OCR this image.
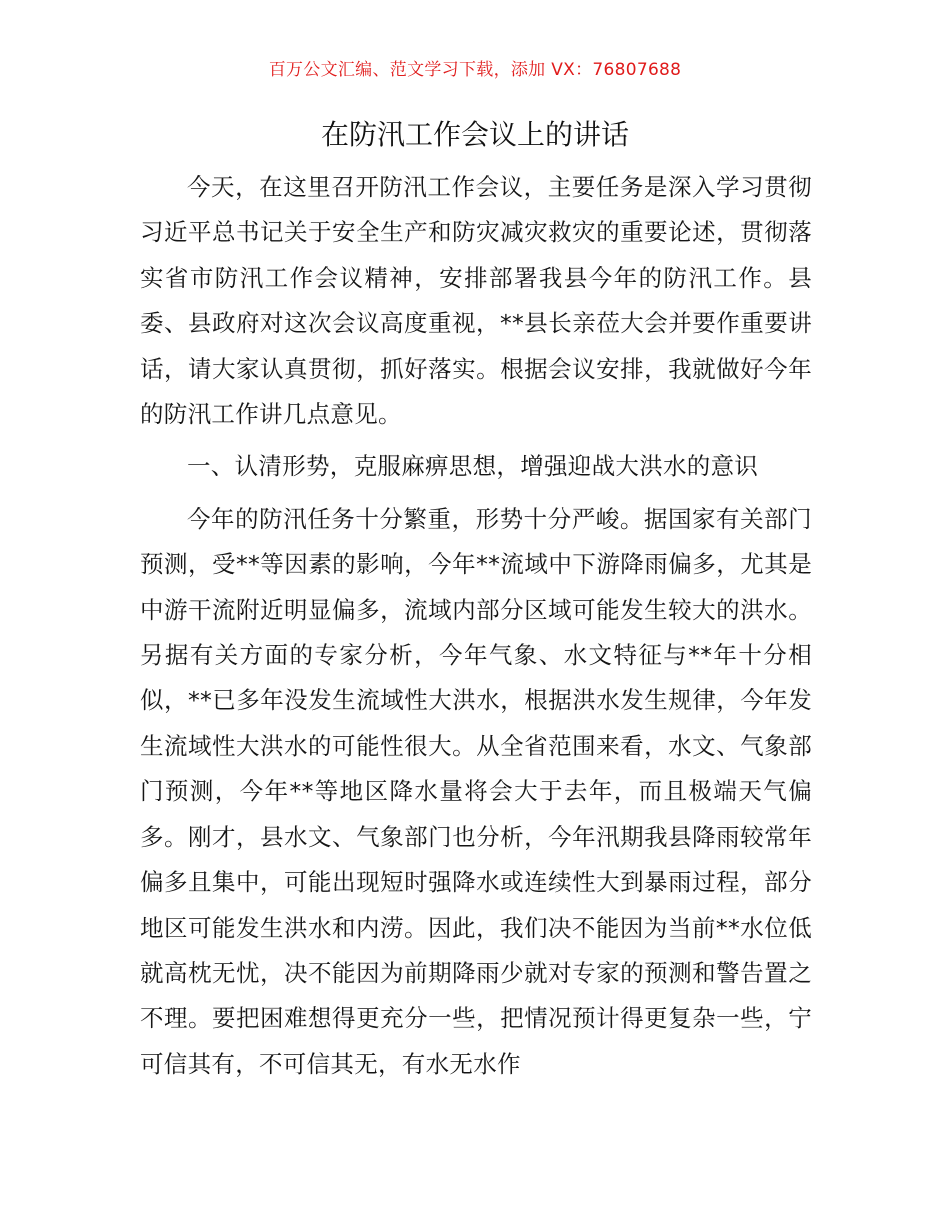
百万公文汇编、范文学习下载，添加 VX：76807688
在防汛工作会议上的讲话

今天，在这里召开防汛工作会议，主要任务是深入学习贯彻习近平总书记关于安全生产和防灾减灾救灾的重要论述，贯彻落实省市防汛工作会议精神，安排部署我县今年的防汛工作。县委、县政府对这次会议高度重视，**县长亲莅大会并要作重要讲话，请大家认真贯彻，抓好落实。根据会议安排，我就做好今年的防汛工作讲几点意见。

一、认清形势，克服麻痹思想，增强迎战大洪水的意识

今年的防汛任务十分繁重，形势十分严峻。据国家有关部门预测，受**等因素的影响，今年**流域中下游降雨偏多，尤其是中游干流附近明显偏多，流域内部分区域可能发生较大的洪水。另据有关方面的专家分析，今年气象、水文特征与**年十分相似，**已多年没发生流域性大洪水，根据洪水发生规律，今年发生流域性大洪水的可能性很大。从全省范围来看，水文、气象部门预测，今年**等地区降水量将会大于去年，而且极端天气偏多。刚才，县水文、气象部门也分析，今年汛期我县降雨较常年偏多且集中，可能出现短时强降水或连续性大到暴雨过程，部分地区可能发生洪水和内涝。因此，我们决不能因为当前**水位低就高枕无忧，决不能因为前期降雨少就对专家的预测和警告置之不理。要把困难想得更充分一些，把情况预计得更复杂一些，宁可信其有，不可信其无，有水无水作
